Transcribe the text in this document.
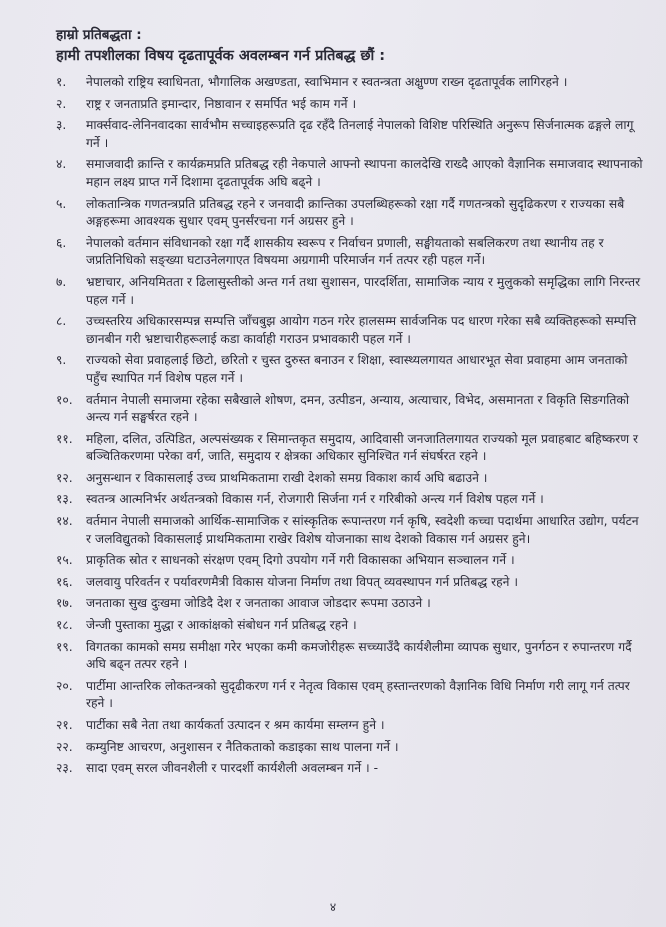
हाम्रो प्रतिबद्धता :
हामी तपशीलका विषय दृढतापूर्वक अवलम्बन गर्न प्रतिबद्ध छौं :
१.	नेपालको राष्ट्रिय स्वाधिनता, भौगालिक अखण्डता, स्वाभिमान र स्वतन्त्रता अक्षुण्ण राख्न दृढतापूर्वक लागिरहने ।
२.	राष्ट्र र जनताप्रति इमान्दार, निष्ठावान र समर्पित भई काम गर्ने ।
३.	मार्क्सवाद-लेनिनवादका सार्वभौम सच्चाइहरूप्रति दृढ रहँदै तिनलाई नेपालको विशिष्ट परिस्थिति अनुरूप सिर्जनात्मक ढङ्गले लागू गर्ने ।
४.	समाजवादी क्रान्ति र कार्यक्रमप्रति प्रतिबद्ध रही नेकपाले आफ्नो स्थापना कालदेखि राख्दै आएको वैज्ञानिक समाजवाद स्थापनाको महान लक्ष्य प्राप्त गर्ने दिशामा दृढतापूर्वक अघि बढ्ने ।
५.	लोकतान्त्रिक गणतन्त्रप्रति प्रतिबद्ध रहने र जनवादी क्रान्तिका उपलब्धिहरूको रक्षा गर्दै गणतन्त्रको सुदृढिकरण र राज्यका सबै अङ्गहरूमा आवश्यक सुधार एवम् पुनर्संरचना गर्न अग्रसर हुने ।
६.	नेपालको वर्तमान संविधानको रक्षा गर्दै शासकीय स्वरूप र निर्वाचन प्रणाली, सङ्घीयताको सबलिकरण तथा स्थानीय तह र जप्रतिनिधिको सङ्ख्या घटाउनेलगाएत विषयमा अग्रगामी परिमार्जन गर्न तत्पर रही पहल गर्ने।
७.	भ्रष्टाचार, अनियमितता र ढिलासुस्तीको अन्त गर्न तथा सुशासन, पारदर्शिता, सामाजिक न्याय र मुलुकको समृद्धिका लागि निरन्तर पहल गर्ने ।
८.	उच्चस्तरिय अधिकारसम्पन्न सम्पत्ति जाँचबुझ आयोग गठन गरेर हालसम्म सार्वजनिक पद धारण गरेका सबै व्यक्तिहरूको सम्पत्ति छानबीन गरी भ्रष्टाचारीहरूलाई कडा कार्वाही गराउन प्रभावकारी पहल गर्ने ।
९.	राज्यको सेवा प्रवाहलाई छिटो, छरितो र चुस्त दुरुस्त बनाउन र शिक्षा, स्वास्थ्यलगायत आधारभूत सेवा प्रवाहमा आम जनताको पहुँच स्थापित गर्न विशेष पहल गर्ने ।
१०.	वर्तमान नेपाली समाजमा रहेका सबैखाले शोषण, दमन, उत्पीडन, अन्याय, अत्याचार, विभेद, असमानता र विकृति सिङगतिको अन्त्य गर्न सङ्घर्षरत रहने ।
११.	महिला, दलित, उत्पिडित, अल्पसंख्यक र सिमान्तकृत समुदाय, आदिवासी जनजातिलगायत राज्यको मूल प्रवाहबाट बहिष्करण र बञ्चितिकरणमा परेका वर्ग, जाति, समुदाय र क्षेत्रका अधिकार सुनिश्चित गर्न संघर्षरत रहने ।
१२.	अनुसन्धान र विकासलाई उच्च प्राथमिकतामा राखी देशको समग्र विकाश कार्य अघि बढाउने ।
१३.	स्वतन्त्र आत्मनिर्भर अर्थतन्त्रको विकास गर्न, रोजगारी सिर्जना गर्न र गरिबीको अन्त्य गर्न विशेष पहल गर्ने ।
१४.	वर्तमान नेपाली समाजको आर्थिक-सामाजिक र सांस्कृतिक रूपान्तरण गर्न कृषि, स्वदेशी कच्चा पदार्थमा आधारित उद्योग, पर्यटन र जलविद्युतको विकासलाई प्राथमिकतामा राखेर विशेष योजनाका साथ देशको विकास गर्न अग्रसर हुने।
१५.	प्राकृतिक स्रोत र साधनको संरक्षण एवम् दिगो उपयोग गर्ने गरी विकासका अभियान सञ्चालन गर्ने ।
१६.	जलवायु परिवर्तन र पर्यावरणमैत्री विकास योजना निर्माण तथा विपत् व्यवस्थापन गर्न प्रतिबद्ध रहने ।
१७.	जनताका सुख दुःखमा जोडिदै देश र जनताका आवाज जोडदार रूपमा उठाउने ।
१८.	जेन्जी पुस्ताका मुद्धा र आकांक्षको संबोधन गर्न प्रतिबद्ध रहने ।
१९.	विगतका कामको समग्र समीक्षा गरेर भएका कमी कमजोरीहरू सच्च्याउँदै कार्यशैलीमा व्यापक सुधार, पुनर्गठन र रुपान्तरण गर्दै अघि बढ्न तत्पर रहने ।
२०.	पार्टीमा आन्तरिक लोकतन्त्रको सुदृढीकरण गर्न र नेतृत्व विकास एवम् हस्तान्तरणको वैज्ञानिक विधि निर्माण गरी लागू गर्न तत्पर रहने ।
२१.	पार्टीका सबै नेता तथा कार्यकर्ता उत्पादन र श्रम कार्यमा सम्लग्न हुने ।
२२.	कम्युनिष्ट आचरण, अनुशासन र नैतिकताको कडाइका साथ पालना गर्ने ।
२३.	सादा एवम् सरल जीवनशैली र पारदर्शी कार्यशैली अवलम्बन गर्ने । -
४
